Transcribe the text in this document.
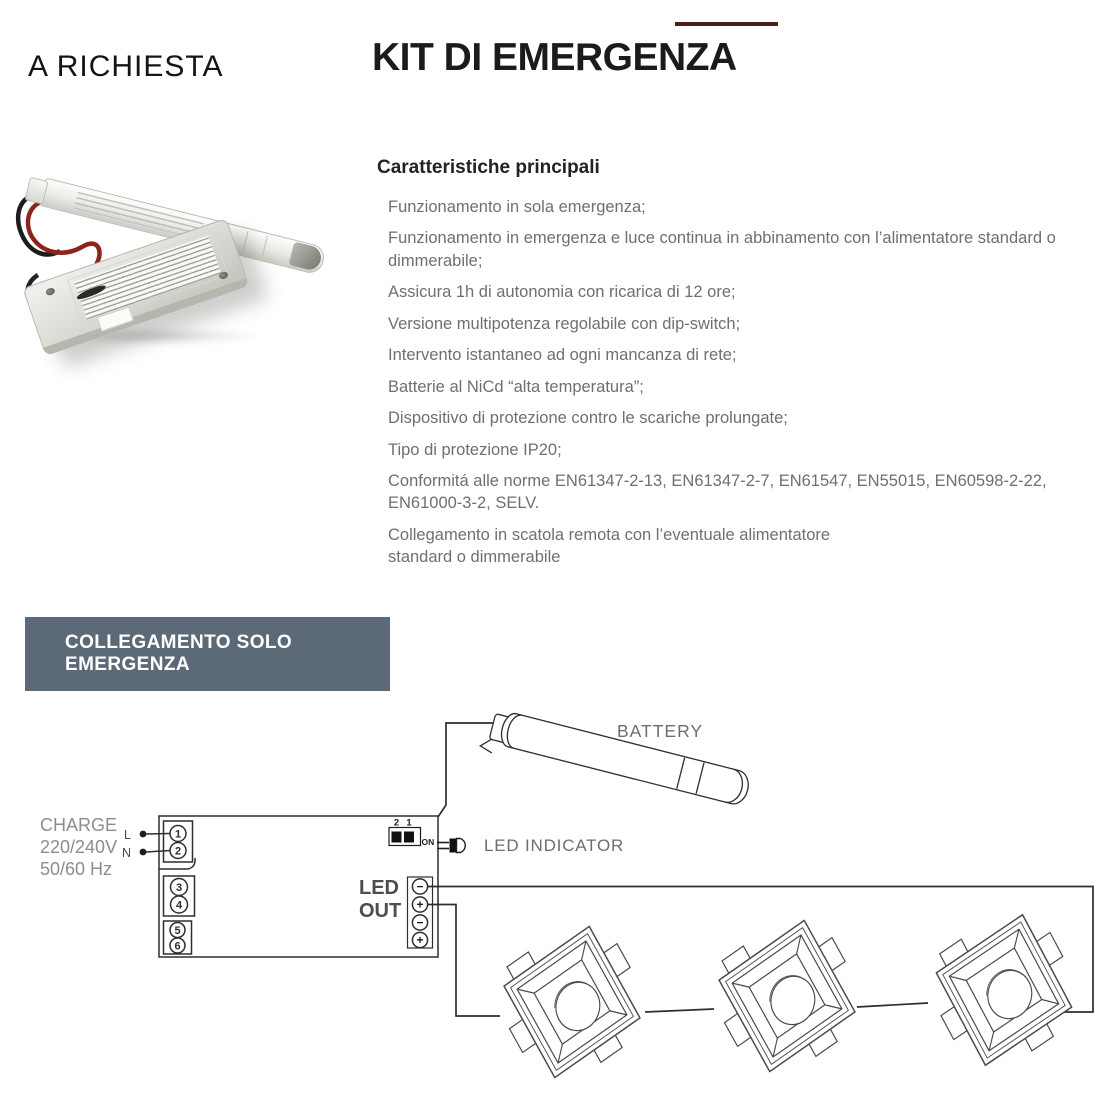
A RICHIESTA	KIT DI EMERGENZA
Caratteristiche principali
Funzionamento in sola emergenza;
Funzionamento in emergenza e luce continua in abbinamento con l’alimentatore standard o dimmerabile;
Assicura 1h di autonomia con ricarica di 12 ore;
Versione multipotenza regolabile con dip-switch;
Intervento istantaneo ad ogni mancanza di rete;
Batterie al NiCd “alta temperatura”;
Dispositivo di protezione contro le scariche prolungate;
Tipo di protezione IP20;
Conformitá alle norme EN61347-2-13, EN61347-2-7, EN61547, EN55015, EN60598-2-22, EN61000-3-2, SELV.
Collegamento in scatola remota con l’eventuale alimentatore standard o dimmerabile
COLLEGAMENTO SOLO EMERGENZA
1
2
3
4
5
6
−
+
−
+
CHARGE
220/240V
50/60 Hz
L
N
2 1
ON	LED INDICATOR
LED
OUT
BATTERY
